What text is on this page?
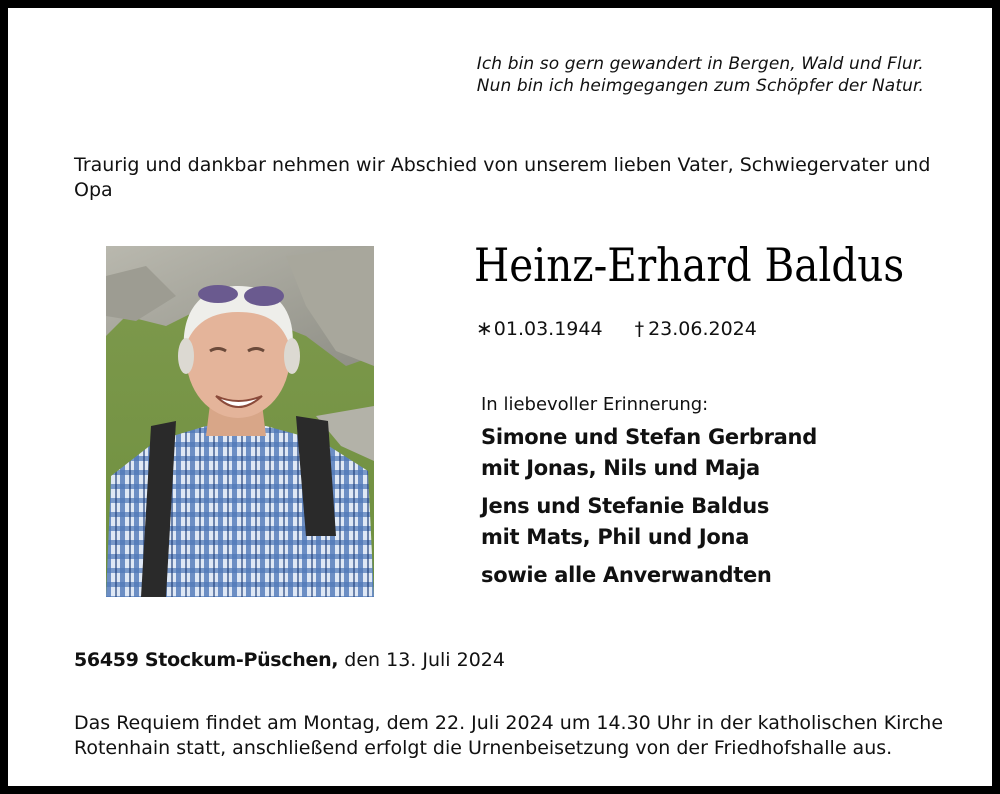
Ich bin so gern gewandert in Bergen, Wald und Flur.
Nun bin ich heimgegangen zum Schöpfer der Natur.
Traurig und dankbar nehmen wir Abschied von unserem lieben Vater, Schwiegervater und Opa
Heinz-Erhard Baldus
∗01.03.1944 † 23.06.2024
In liebevoller Erinnerung:
Simone und Stefan Gerbrand
mit Jonas, Nils und Maja
Jens und Stefanie Baldus
mit Mats, Phil und Jona
sowie alle Anverwandten
56459 Stockum-Püschen, den 13. Juli 2024
Das Requiem findet am Montag, dem 22. Juli 2024 um 14.30 Uhr in der katholischen Kirche Rotenhain statt, anschließend erfolgt die Urnenbeisetzung von der Friedhofshalle aus.
